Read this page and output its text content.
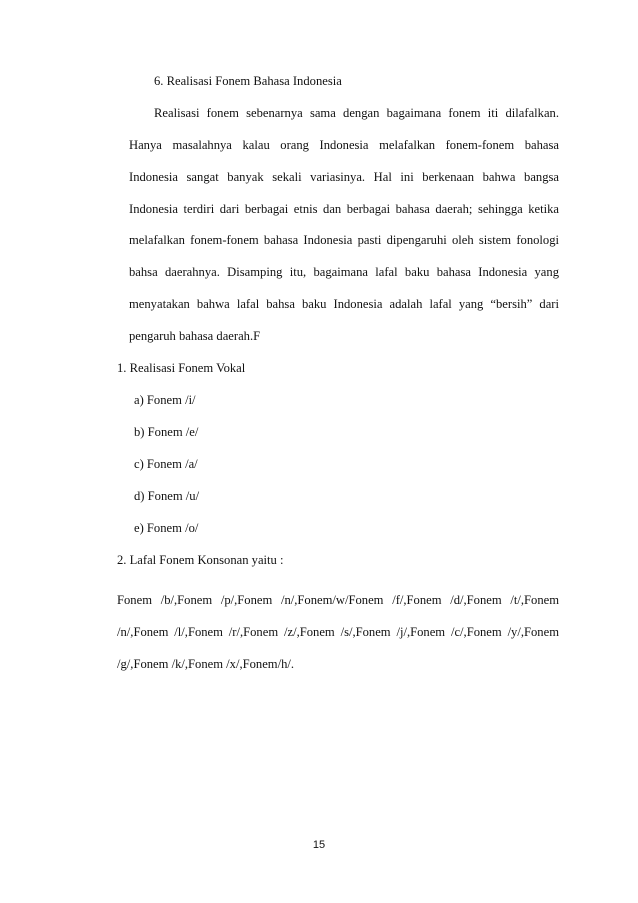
6. Realisasi Fonem Bahasa Indonesia
Realisasi fonem sebenarnya sama dengan bagaimana fonem iti dilafalkan.
Hanya masalahnya kalau orang Indonesia melafalkan fonem-fonem bahasa
Indonesia sangat banyak sekali variasinya. Hal ini berkenaan bahwa bangsa
Indonesia terdiri dari berbagai etnis dan berbagai bahasa daerah; sehingga ketika
melafalkan fonem-fonem bahasa Indonesia pasti dipengaruhi oleh sistem fonologi
bahsa daerahnya. Disamping itu, bagaimana lafal baku bahasa Indonesia yang
menyatakan bahwa lafal bahsa baku Indonesia adalah lafal yang “bersih” dari
pengaruh bahasa daerah.F
1. Realisasi Fonem Vokal
a) Fonem /i/
b) Fonem /e/
c) Fonem /a/
d) Fonem /u/
e) Fonem /o/
2. Lafal Fonem Konsonan yaitu :
Fonem /b/,Fonem /p/,Fonem /n/,Fonem/w/Fonem /f/,Fonem /d/,Fonem /t/,Fonem
/n/,Fonem /l/,Fonem /r/,Fonem /z/,Fonem /s/,Fonem /j/,Fonem /c/,Fonem /y/,Fonem
/g/,Fonem /k/,Fonem /x/,Fonem/h/.
15
